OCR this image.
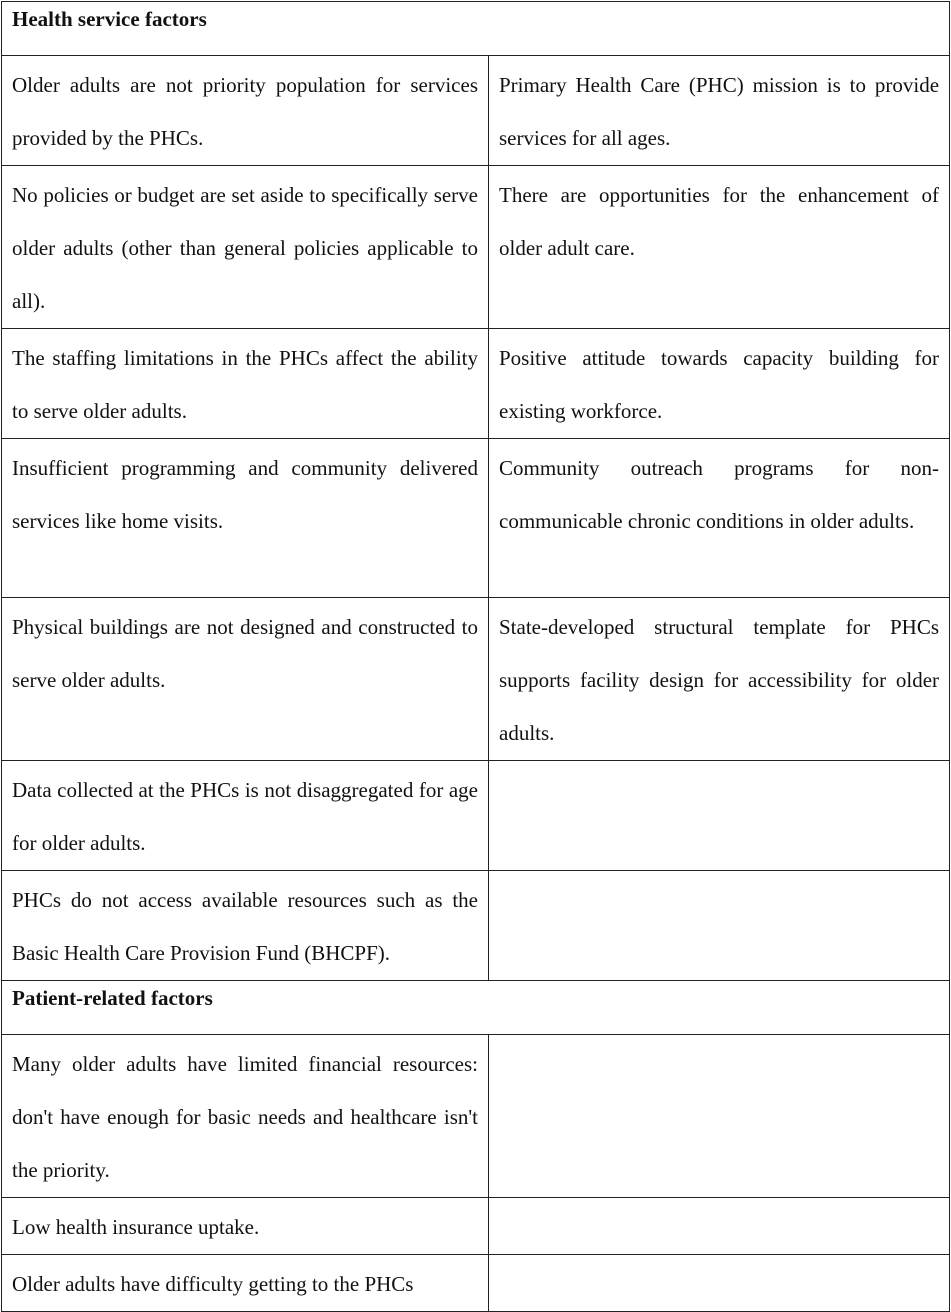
Health service factors	
Older adults are not priority population for services provided by the PHCs.	Primary Health Care (PHC) mission is to provide services for all ages.
No policies or budget are set aside to specifically serve older adults (other than general policies applicable to all).	There are opportunities for the enhancement of older adult care.
The staffing limitations in the PHCs affect the ability to serve older adults.	Positive attitude towards capacity building for existing workforce.
Insufficient programming and community delivered services like home visits.	Community outreach programs for non-communicable chronic conditions in older adults.
Physical buildings are not designed and constructed to serve older adults.	State-developed structural template for PHCs supports facility design for accessibility for older adults.
Data collected at the PHCs is not disaggregated for age for older adults.	
PHCs do not access available resources such as the Basic Health Care Provision Fund (BHCPF).	
Patient-related factors	
Many older adults have limited financial resources: don't have enough for basic needs and healthcare isn't the priority.	
Low health insurance uptake.	
Older adults have difficulty getting to the PHCs	
